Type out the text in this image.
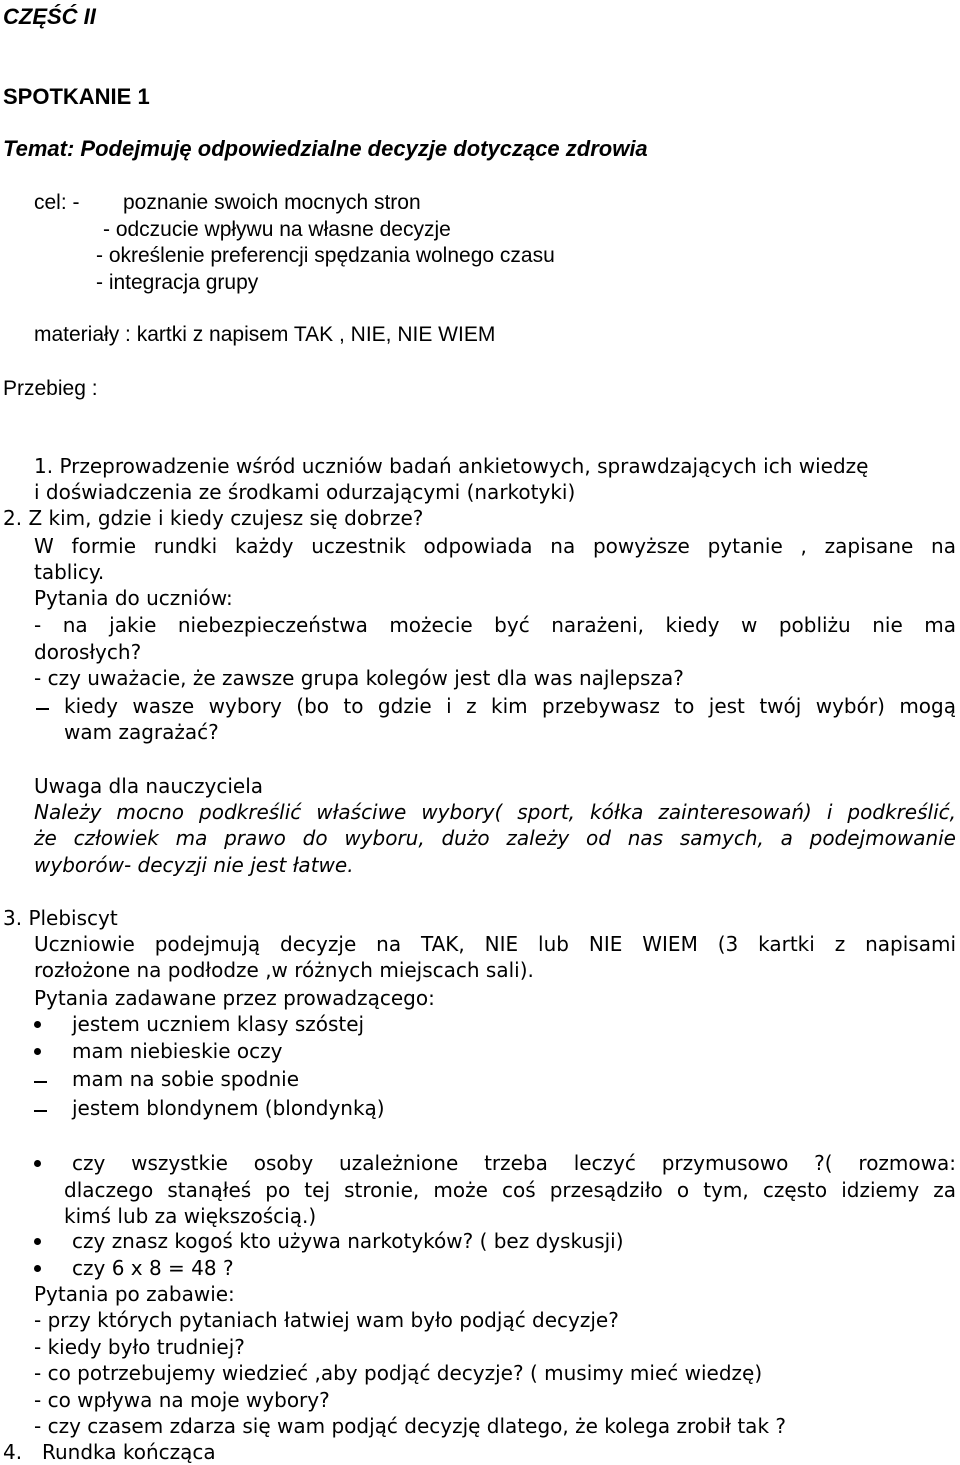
CZĘŚĆ II
SPOTKANIE 1
Temat: Podejmuję odpowiedzialne decyzje dotyczące zdrowia
cel: - poznanie swoich mocnych stron
- odczucie wpływu na własne decyzje
- określenie preferencji spędzania wolnego czasu
- integracja grupy
materiały : kartki z napisem TAK , NIE, NIE WIEM
Przebieg :
1. Przeprowadzenie wśród uczniów badań ankietowych, sprawdzających ich wiedzę
i doświadczenia ze środkami odurzającymi (narkotyki)
2. Z kim, gdzie i kiedy czujesz się dobrze?
W formie rundki każdy uczestnik odpowiada na powyższe pytanie , zapisane na
tablicy.
Pytania do uczniów:
- na jakie niebezpieczeństwa możecie być narażeni, kiedy w pobliżu nie ma
dorosłych?
- czy uważacie, że zawsze grupa kolegów jest dla was najlepsza?
kiedy wasze wybory (bo to gdzie i z kim przebywasz to jest twój wybór) mogą
wam zagrażać?
Uwaga dla nauczyciela
Należy mocno podkreślić właściwe wybory( sport, kółka zainteresowań) i podkreślić,
że człowiek ma prawo do wyboru, dużo zależy od nas samych, a podejmowanie
wyborów- decyzji nie jest łatwe.
3. Plebiscyt
Uczniowie podejmują decyzje na TAK, NIE lub NIE WIEM (3 kartki z napisami
rozłożone na podłodze ,w różnych miejscach sali).
Pytania zadawane przez prowadzącego:
jestem uczniem klasy szóstej
mam niebieskie oczy
mam na sobie spodnie
jestem blondynem (blondynką)
czy wszystkie osoby uzależnione trzeba leczyć przymusowo ?( rozmowa:
dlaczego stanąłeś po tej stronie, może coś przesądziło o tym, często idziemy za
kimś lub za większością.)
czy znasz kogoś kto używa narkotyków? ( bez dyskusji)
czy 6 x 8 = 48 ?
Pytania po zabawie:
- przy których pytaniach łatwiej wam było podjąć decyzje?
- kiedy było trudniej?
- co potrzebujemy wiedzieć ,aby podjąć decyzje? ( musimy mieć wiedzę)
- co wpływa na moje wybory?
- czy czasem zdarza się wam podjąć decyzję dlatego, że kolega zrobił tak ?
4. Rundka kończąca
